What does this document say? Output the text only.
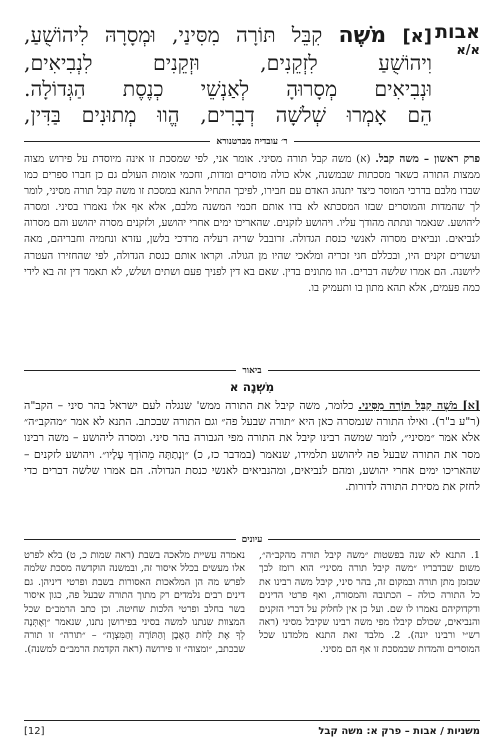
אבות
א/א
[א] מֹשֶׁה קִבֵּל תּוֹרָה מִסִּינַי, וּמְסָרָהּ לִיהוֹשֻׁעַ,
וִיהוֹשֻׁעַ לִזְקֵנִים, וּזְקֵנִים לִנְבִיאִים,
וּנְבִיאִים מְסָרוּהָ לְאַנְשֵׁי כְנֶסֶת הַגְּדוֹלָה.
הֵם אָמְרוּ שְׁלשָׁה דְבָרִים, הֱווּ מְתוּנִים בַּדִּין,
ר׳ עובדיה מברטנורא
פרק ראשון – משה קבל. (א) משה קבל תורה מסיני. אומר אני, לפי שמסכת זו אינה מיוסדת על פירוש מצוה ממצות התורה כשאר מסכתות שבמשנה, אלא כולה מוסרים ומדות, וחכמי אומות העולם גם כן חברו ספרים כמו שבדו מלבם בדרכי המוסר כיצד יתנהג האדם עם חבירו, לפיכך התחיל התנא במסכת זו משה קבל תורה מסיני, לומר לך שהמדות והמוסרים שבזו המסכתא לא בדו אותם חכמי המשנה מלבם, אלא אף אלו נאמרו בסיני. ומסרה ליהושע. שנאמר ונתתה מהודך עליו. ויהושע לזקנים. שהאריכו ימים אחרי יהושע, ולזקנים מסרה יהושע והם מסרוה לנביאים. ונביאים מסרוה לאנשי כנסת הגדולה. זרובבל שריה רעליה מרדכי בלשן, עזרא ונחמיה וחבריהם, מאה ועשרים זקנים היו, ובכללם חגי זכריה ומלאכי שהיו מן הגולה. וקראו אותם כנסת הגדולה, לפי שהחזירו העטרה ליושנה. הם אמרו שלשה דברים. הוו מתונים בדין. שאם בא דין לפניך פעם ושתים ושלש, לא תאמר דין זה בא לידי כמה פעמים, אלא תהא מתון בו ותעמיק בו.
ביאור
מִשְׁנָה א
[א] מֹשֶׁה קִבֵּל תּוֹרָה מִסִּינַי. כלומר, משה קיבל את התורה ממש' שנגלה לעם ישראל בהר סיני – הקב"ה (ר"ע ב"ר). ואילו התורה שנמסרה כאן היא ״תורה שבעל פה״ וגם התורה שבכתב. התנא לא אמר ״מהקב״ה״ אלא אמר ״מסיני״, לומר שמשה רבינו קיבל את התורה מפי הגבורה בהר סיני. ומסרה ליהושע – משה רבינו מסר את התורה שבעל פה ליהושע תלמידו, שנאמר (במדבר כז, כ) ״וְנָתַתָּה מֵהוֹדְךָ עָלָיו״. ויהושע לזקנים – שהאריכו ימים אחרי יהושע, ומהם לנביאים, ומהנביאים לאנשי כנסת הגדולה. הם אמרו שלשה דברים כדי לחזק את מסירת התורה לדורות.
עיונים
1. התנא לא שנה בפשטות ״משה קיבל תורה מהקב״ה״, משום שבדבריו ״משה קיבל תורה מסיני״ הוא רומז לכך שבזמן מתן תורה ובמקום זה, בהר סיני, קיבל משה רבינו את כל התורה כולה – הכתובה והמסורה, ואף פרטי הדינים ודקדוקיהם נאמרו לו שם. ועל כן אין לחלוק על דברי הזקנים והנביאים, שכולם קיבלו מפי משה רבינו שקיבל מסיני (ראה רש״י ורבינו יונה). 2. מלבד זאת התנא מלמדנו שכל המוסרים והמדות שבמסכת זו אף הם מסיני.
נאמרה עשיית מלאכה בשבת (ראה שמות כ, ט) בלא לפרט אלו מעשים בכלל איסור זה, ובמשנה הוקדשה מסכת שלמה לפרש מה הן המלאכות האסורות בשבת ופרטי דיניהן. גם דינים רבים נלמדים רק מתוך התורה שבעל פה, כגון איסור בשר בחלב ופרטי הלכות שחיטה. וכן כתב הרמב״ם שכל המצוות שנתנו למשה בסיני בפירושן נתנו, שנאמר ״וְאֶתְּנָה לְךָ אֶת לֻחֹת הָאֶבֶן וְהַתּוֹרָה וְהַמִּצְוָה״ – ״תורה״ זו תורה שבכתב, ״ומצוה״ זו פירושה (ראה הקדמת הרמב״ם למשנה).
משניות / אבות – פרק א: משה קבל
[12]
